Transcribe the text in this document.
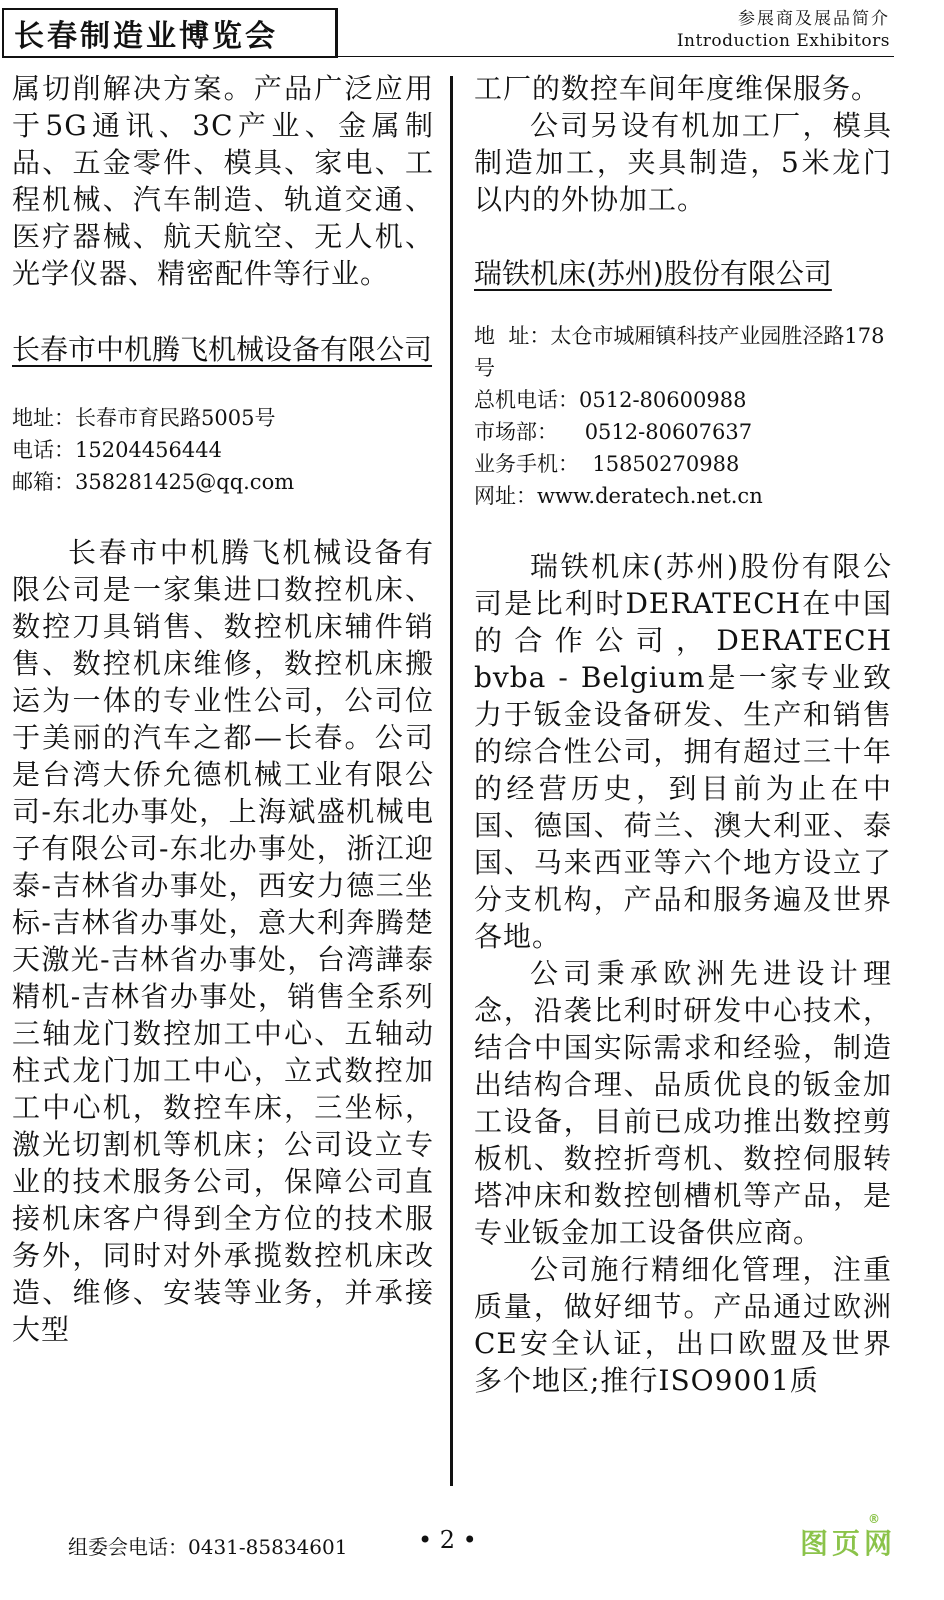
长春制造业博览会	参展商及展品简介
Introduction Exhibitors

属切削解决方案。产品广泛应用于5G通讯、3C产业、金属制品、五金零件、模具、家电、工程机械、汽车制造、轨道交通、医疗器械、航天航空、无人机、光学仪器、精密配件等行业。

长春市中机腾飞机械设备有限公司

地址：长春市育民路5005号

电话：15204456444

邮箱：358281425@qq.com

长春市中机腾飞机械设备有限公司是一家集进口数控机床、数控刀具销售、数控机床辅件销售、数控机床维修，数控机床搬运为一体的专业性公司，公司位于美丽的汽车之都—长春。公司是台湾大侨允德机械工业有限公司-东北办事处，上海斌盛机械电子有限公司-东北办事处，浙江迎泰-吉林省办事处，西安力德三坐标-吉林省办事处，意大利奔腾楚天激光-吉林省办事处，台湾譁泰精机-吉林省办事处，销售全系列三轴龙门数控加工中心、五轴动柱式龙门加工中心，立式数控加工中心机，数控车床，三坐标，激光切割机等机床；公司设立专业的技术服务公司，保障公司直接机床客户得到全方位的技术服务外，同时对外承揽数控机床改造、维修、安装等业务，并承接大型

工厂的数控车间年度维保服务。

公司另设有机加工厂，模具制造加工，夹具制造，5米龙门以内的外协加工。

瑞铁机床(苏州)股份有限公司

地  址：太仓市城厢镇科技产业园胜泾路178号

总机电话：0512-80600988

市场部：    0512-80607637

业务手机：  15850270988

网址：www.deratech.net.cn

瑞铁机床(苏州)股份有限公司是比利时DERATECH在中国的合作公司，DERATECH bvba - Belgium是一家专业致力于钣金设备研发、生产和销售的综合性公司，拥有超过三十年的经营历史，到目前为止在中国、德国、荷兰、澳大利亚、泰国、马来西亚等六个地方设立了分支机构，产品和服务遍及世界各地。

公司秉承欧洲先进设计理念，沿袭比利时研发中心技术，结合中国实际需求和经验，制造出结构合理、品质优良的钣金加工设备，目前已成功推出数控剪板机、数控折弯机、数控伺服转塔冲床和数控刨槽机等产品，是专业钣金加工设备供应商。

公司施行精细化管理，注重质量，做好细节。产品通过欧洲CE安全认证，出口欧盟及世界多个地区;推行ISO9001质

组委会电话：0431-85834601	• 2 •	图页网
®
